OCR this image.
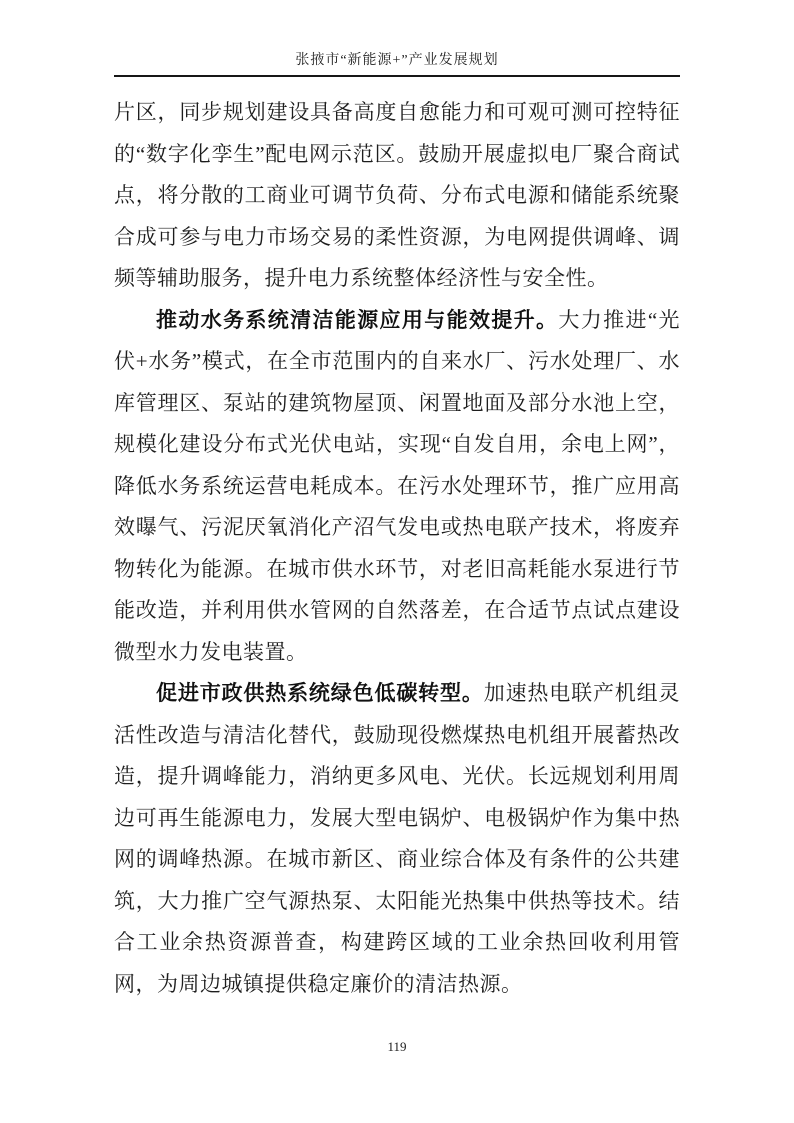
张掖市“新能源+”产业发展规划

片区，同步规划建设具备高度自愈能力和可观可测可控特征的“数字化孪生”配电网示范区。鼓励开展虚拟电厂聚合商试点，将分散的工商业可调节负荷、分布式电源和储能系统聚合成可参与电力市场交易的柔性资源，为电网提供调峰、调频等辅助服务，提升电力系统整体经济性与安全性。

推动水务系统清洁能源应用与能效提升。大力推进“光伏+水务”模式，在全市范围内的自来水厂、污水处理厂、水库管理区、泵站的建筑物屋顶、闲置地面及部分水池上空，规模化建设分布式光伏电站，实现“自发自用，余电上网”，降低水务系统运营电耗成本。在污水处理环节，推广应用高效曝气、污泥厌氧消化产沼气发电或热电联产技术，将废弃物转化为能源。在城市供水环节，对老旧高耗能水泵进行节能改造，并利用供水管网的自然落差，在合适节点试点建设微型水力发电装置。

促进市政供热系统绿色低碳转型。加速热电联产机组灵活性改造与清洁化替代，鼓励现役燃煤热电机组开展蓄热改造，提升调峰能力，消纳更多风电、光伏。长远规划利用周边可再生能源电力，发展大型电锅炉、电极锅炉作为集中热网的调峰热源。在城市新区、商业综合体及有条件的公共建筑，大力推广空气源热泵、太阳能光热集中供热等技术。结合工业余热资源普查，构建跨区域的工业余热回收利用管网，为周边城镇提供稳定廉价的清洁热源。

119
